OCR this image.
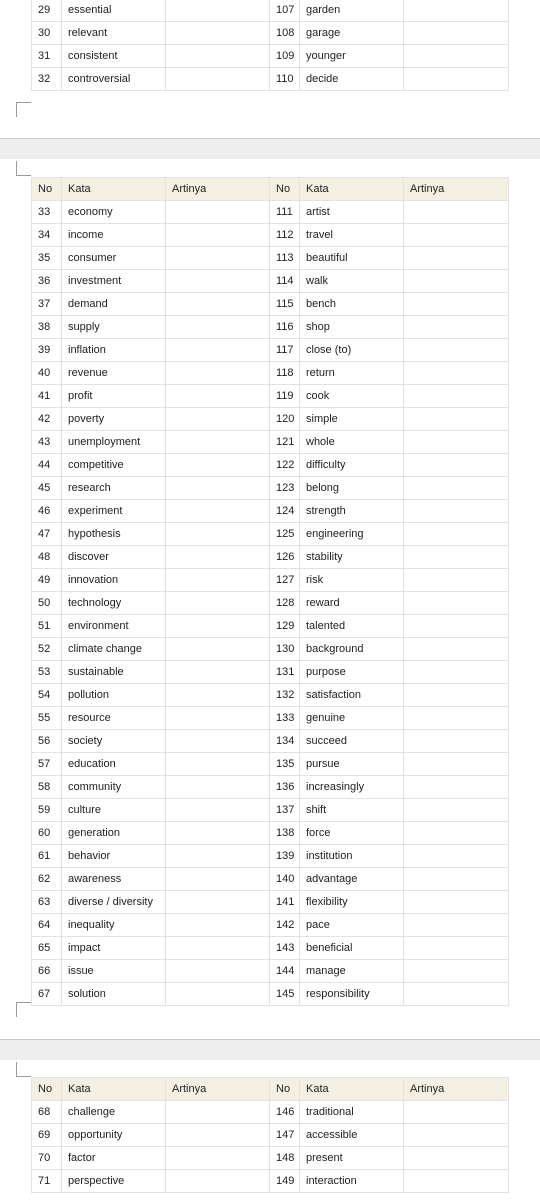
29	essential		107	garden	
30	relevant		108	garage	
31	consistent		109	younger	
32	controversial		110	decide	
No	Kata	Artinya	No	Kata	Artinya
33	economy		111	artist	
34	income		112	travel	
35	consumer		113	beautiful	
36	investment		114	walk	
37	demand		115	bench	
38	supply		116	shop	
39	inflation		117	close (to)	
40	revenue		118	return	
41	profit		119	cook	
42	poverty		120	simple	
43	unemployment		121	whole	
44	competitive		122	difficulty	
45	research		123	belong	
46	experiment		124	strength	
47	hypothesis		125	engineering	
48	discover		126	stability	
49	innovation		127	risk	
50	technology		128	reward	
51	environment		129	talented	
52	climate change		130	background	
53	sustainable		131	purpose	
54	pollution		132	satisfaction	
55	resource		133	genuine	
56	society		134	succeed	
57	education		135	pursue	
58	community		136	increasingly	
59	culture		137	shift	
60	generation		138	force	
61	behavior		139	institution	
62	awareness		140	advantage	
63	diverse / diversity		141	flexibility	
64	inequality		142	pace	
65	impact		143	beneficial	
66	issue		144	manage	
67	solution		145	responsibility	
No	Kata	Artinya	No	Kata	Artinya
68	challenge		146	traditional	
69	opportunity		147	accessible	
70	factor		148	present	
71	perspective		149	interaction	
